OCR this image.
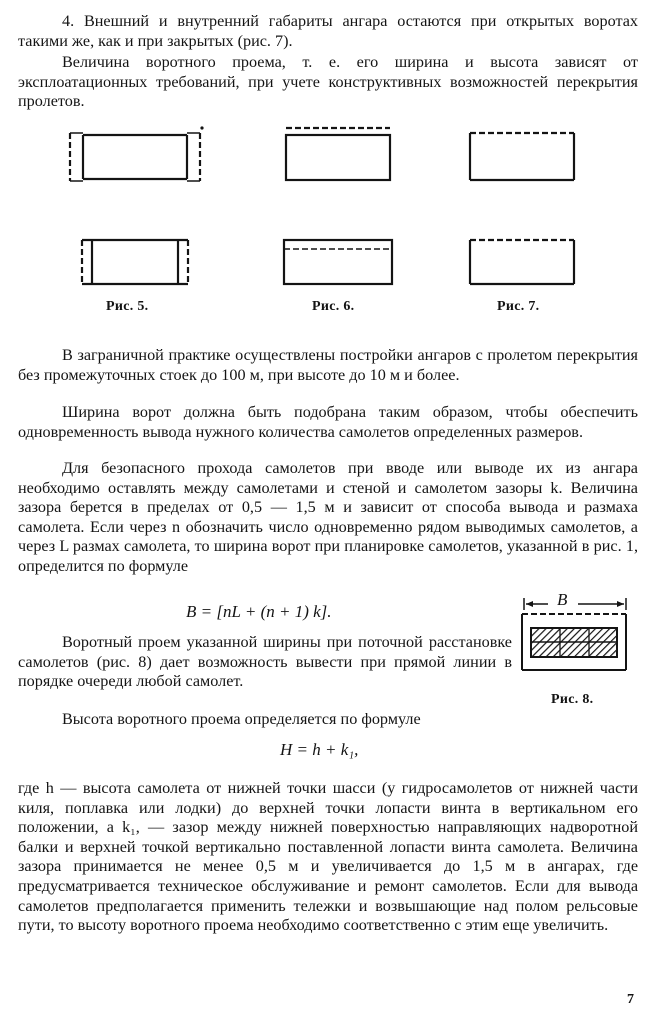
4. Внешний и внутренний габариты ангара остаются при открытых воротах такими же, как и при закрытых (рис. 7).

Величина воротного проема, т. е. его ширина и высота зависят от эксплоатационных требований, при учете конструктивных возможностей перекрытия пролетов.

Рис. 5.	Рис. 6.	Рис. 7.

В заграничной практике осуществлены постройки ангаров с пролетом перекрытия без промежуточных стоек до 100 м, при высоте до 10 м и более.

Ширина ворот должна быть подобрана таким образом, чтобы обеспечить одновременность вывода нужного количества самолетов определенных размеров.

Для безопасного прохода самолетов при вводе или выводе их из ангара необходимо оставлять между самолетами и стеной и самолетом зазоры k. Величина зазора берется в пределах от 0,5 — 1,5 м и зависит от способа вывода и размаха самолета. Если через n обозначить число одновременно рядом выводимых самолетов, а через L размах самолета, то ширина ворот при планировке самолетов, указанной в рис. 1, определится по формуле

B = [nL + (n + 1) k].
B
Рис. 8.

Воротный проем указанной ширины при поточной расстановке самолетов (рис. 8) дает возможность вывести при прямой линии в порядке очереди любой самолет.

Высота воротного проема определяется по формуле

H = h + k₁,

где h — высота самолета от нижней точки шасси (у гидросамолетов от нижней части киля, поплавка или лодки) до верхней точки лопасти винта в вертикальном его положении, а k₁, — зазор между нижней поверхностью направляющих надворотной балки и верхней точкой вертикально поставленной лопасти винта самолета. Величина зазора принимается не менее 0,5 м и увеличивается до 1,5 м в ангарах, где предусматривается техническое обслуживание и ремонт самолетов. Если для вывода самолетов предполагается применить тележки и возвышающие над полом рельсовые пути, то высоту воротного проема необходимо соответственно с этим еще увеличить.

7
